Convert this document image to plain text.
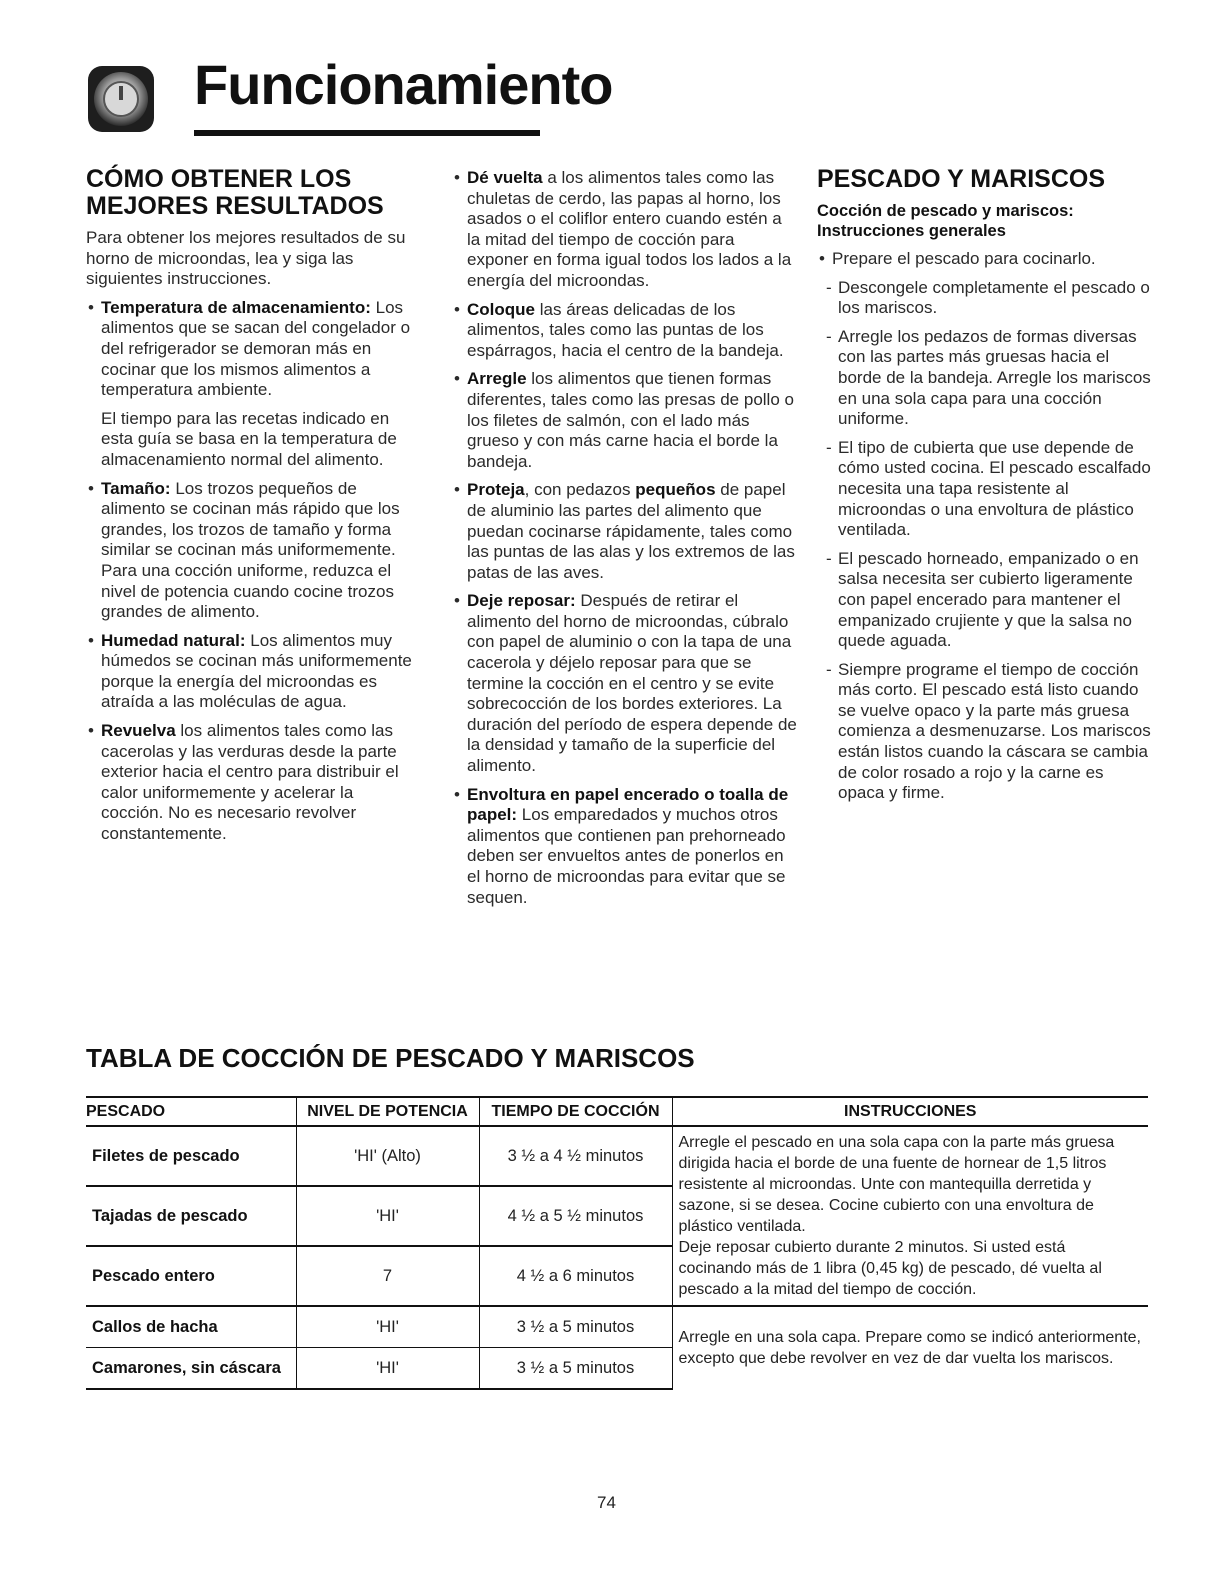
Funcionamiento
CÓMO OBTENER LOS MEJORES RESULTADOS

Para obtener los mejores resultados de su horno de microondas, lea y siga las siguientes instrucciones.

• Temperatura de almacenamiento: Los alimentos que se sacan del congelador o del refrigerador se demoran más en cocinar que los mismos alimentos a temperatura ambiente.

El tiempo para las recetas indicado en esta guía se basa en la temperatura de almacenamiento normal del alimento.

• Tamaño: Los trozos pequeños de alimento se cocinan más rápido que los grandes, los trozos de tamaño y forma similar se cocinan más uniformemente. Para una cocción uniforme, reduzca el nivel de potencia cuando cocine trozos grandes de alimento.
• Humedad natural: Los alimentos muy húmedos se cocinan más uniformemente porque la energía del microondas es atraída a las moléculas de agua.
• Revuelva los alimentos tales como las cacerolas y las verduras desde la parte exterior hacia el centro para distribuir el calor uniformemente y acelerar la cocción. No es necesario revolver constantemente.
• Dé vuelta a los alimentos tales como las chuletas de cerdo, las papas al horno, los asados o el coliflor entero cuando estén a la mitad del tiempo de cocción para exponer en forma igual todos los lados a la energía del microondas.
• Coloque las áreas delicadas de los alimentos, tales como las puntas de los espárragos, hacia el centro de la bandeja.
• Arregle los alimentos que tienen formas diferentes, tales como las presas de pollo o los filetes de salmón, con el lado más grueso y con más carne hacia el borde la bandeja.
• Proteja, con pedazos pequeños de papel de aluminio las partes del alimento que puedan cocinarse rápidamente, tales como las puntas de las alas y los extremos de las patas de las aves.
• Deje reposar: Después de retirar el alimento del horno de microondas, cúbralo con papel de aluminio o con la tapa de una cacerola y déjelo reposar para que se termine la cocción en el centro y se evite sobrecocción de los bordes exteriores. La duración del período de espera depende de la densidad y tamaño de la superficie del alimento.
• Envoltura en papel encerado o toalla de papel: Los emparedados y muchos otros alimentos que contienen pan prehorneado deben ser envueltos antes de ponerlos en el horno de microondas para evitar que se sequen.
PESCADO Y MARISCOS
Cocción de pescado y mariscos: Instrucciones generales
• Prepare el pescado para cocinarlo.
- Descongele completamente el pescado o los mariscos.
- Arregle los pedazos de formas diversas con las partes más gruesas hacia el borde de la bandeja. Arregle los mariscos en una sola capa para una cocción uniforme.
- El tipo de cubierta que use depende de cómo usted cocina. El pescado escalfado necesita una tapa resistente al microondas o una envoltura de plástico ventilada.
- El pescado horneado, empanizado o en salsa necesita ser cubierto ligeramente con papel encerado para mantener el empanizado crujiente y que la salsa no quede aguada.
- Siempre programe el tiempo de cocción más corto. El pescado está listo cuando se vuelve opaco y la parte más gruesa comienza a desmenuzarse. Los mariscos están listos cuando la cáscara se cambia de color rosado a rojo y la carne es opaca y firme.
TABLA DE COCCIÓN DE PESCADO Y MARISCOS
PESCADO	NIVEL DE POTENCIA	TIEMPO DE COCCIÓN	INSTRUCCIONES
Filetes de pescado	'HI' (Alto)	3 ½ a 4 ½ minutos	Arregle el pescado en una sola capa con la parte más gruesa dirigida hacia el borde de una fuente de hornear de 1,5 litros resistente al microondas. Unte con mantequilla derretida y sazone, si se desea. Cocine cubierto con una envoltura de plástico ventilada.
Deje reposar cubierto durante 2 minutos. Si usted está cocinando más de 1 libra (0,45 kg) de pescado, dé vuelta al pescado a la mitad del tiempo de cocción.

Tajadas de pescado	'HI'	4 ½ a 5 ½ minutos	
Pescado entero	7	4 ½ a 6 minutos	
Callos de hacha	'HI'	3 ½ a 5 minutos	Arregle en una sola capa. Prepare como se indicó anteriormente, excepto que debe revolver en vez de dar vuelta los mariscos.
Camarones, sin cáscara	'HI'	3 ½ a 5 minutos	
74
